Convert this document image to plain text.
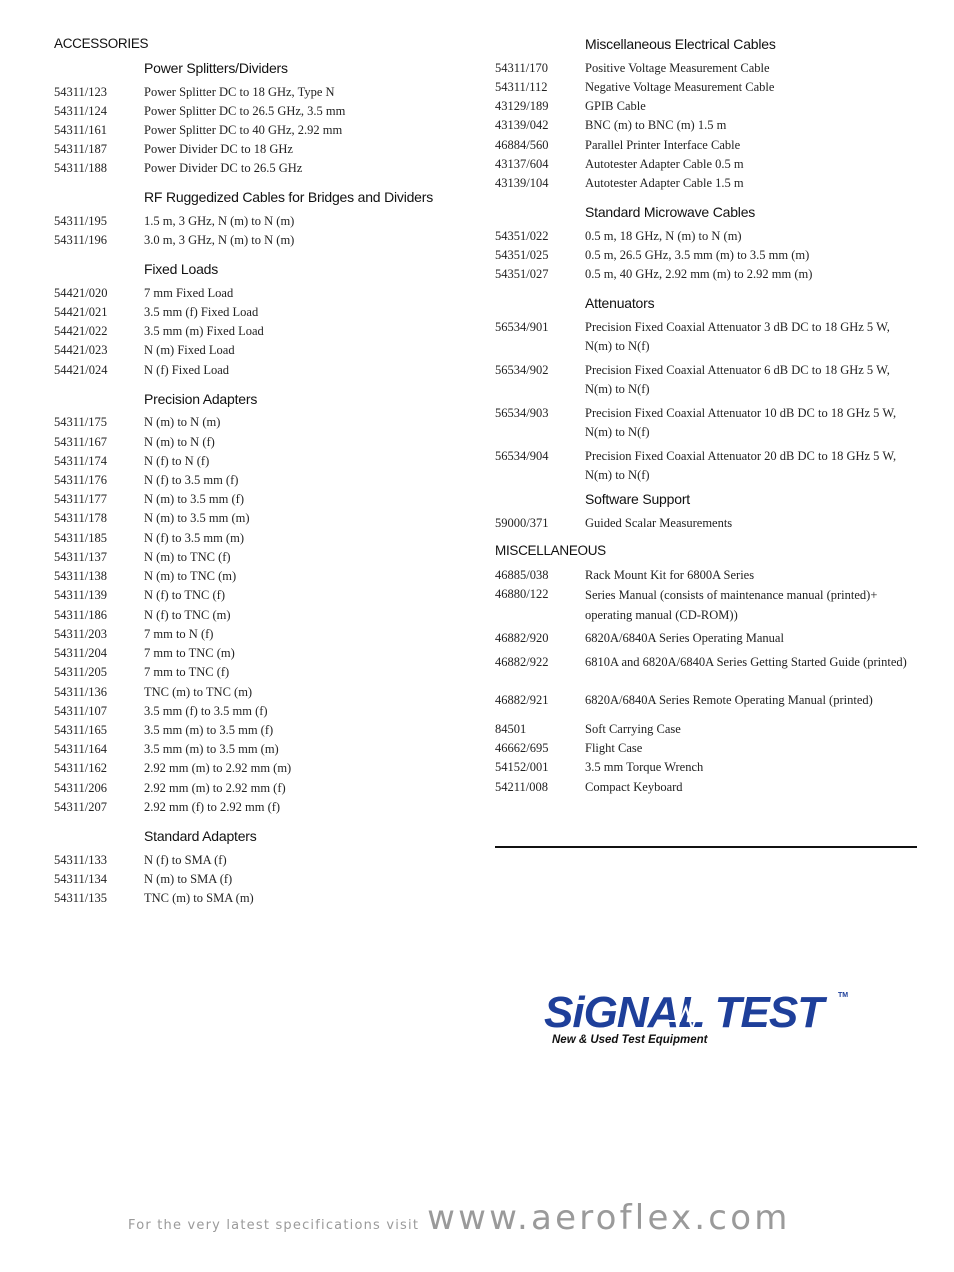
ACCESSORIES
Power Splitters/Dividers
54311/123	Power Splitter DC to 18 GHz, Type N
54311/124	Power Splitter DC to 26.5 GHz, 3.5 mm
54311/161	Power Splitter DC to 40 GHz, 2.92 mm
54311/187	Power Divider DC to 18 GHz
54311/188	Power Divider DC to 26.5 GHz
RF Ruggedized Cables for Bridges and Dividers
54311/195	1.5 m, 3 GHz, N (m) to N (m)
54311/196	3.0 m, 3 GHz, N (m) to N (m)
Fixed Loads
54421/020	7 mm Fixed Load
54421/021	3.5 mm (f) Fixed Load
54421/022	3.5 mm (m) Fixed Load
54421/023	N (m) Fixed Load
54421/024	N (f) Fixed Load
Precision Adapters
54311/175	N (m) to N (m)
54311/167	N (m) to N (f)
54311/174	N (f) to N (f)
54311/176	N (f) to 3.5 mm (f)
54311/177	N (m) to 3.5 mm (f)
54311/178	N (m) to 3.5 mm (m)
54311/185	N (f) to 3.5 mm (m)
54311/137	N (m) to TNC (f)
54311/138	N (m) to TNC (m)
54311/139	N (f) to TNC (f)
54311/186	N (f) to TNC (m)
54311/203	7 mm to N (f)
54311/204	7 mm to TNC (m)
54311/205	7 mm to TNC (f)
54311/136	TNC (m) to TNC (m)
54311/107	3.5 mm (f) to 3.5 mm (f)
54311/165	3.5 mm (m) to 3.5 mm (f)
54311/164	3.5 mm (m) to 3.5 mm (m)
54311/162	2.92 mm (m) to 2.92 mm (m)
54311/206	2.92 mm (m) to 2.92 mm (f)
54311/207	2.92 mm (f) to 2.92 mm (f)
Standard Adapters
54311/133	N (f) to SMA (f)
54311/134	N (m) to SMA (f)
54311/135	TNC (m) to SMA (m)
Miscellaneous Electrical Cables
54311/170	Positive Voltage Measurement Cable
54311/112	Negative Voltage Measurement Cable
43129/189	GPIB Cable
43139/042	BNC (m) to BNC (m) 1.5 m
46884/560	Parallel Printer Interface Cable
43137/604	Autotester Adapter Cable 0.5 m
43139/104	Autotester Adapter Cable 1.5 m
Standard Microwave Cables
54351/022	0.5 m, 18 GHz, N (m) to N (m)
54351/025	0.5 m, 26.5 GHz, 3.5 mm (m) to 3.5 mm (m)
54351/027	0.5 m, 40 GHz, 2.92 mm (m) to 2.92 mm (m)
Attenuators
56534/901	Precision Fixed Coaxial Attenuator 3 dB DC to 18 GHz 5 W, N(m) to N(f)
56534/902	Precision Fixed Coaxial Attenuator 6 dB DC to 18 GHz 5 W, N(m) to N(f)
56534/903	Precision Fixed Coaxial Attenuator 10 dB DC to 18 GHz 5 W, N(m) to N(f)
56534/904	Precision Fixed Coaxial Attenuator 20 dB DC to 18 GHz 5 W, N(m) to N(f)
Software Support
59000/371	Guided Scalar Measurements
MISCELLANEOUS
46885/038	Rack Mount Kit for 6800A Series
46880/122	Series Manual (consists of maintenance manual (printed)+ operating manual (CD-ROM))
46882/920	6820A/6840A Series Operating Manual
46882/922	6810A and 6820A/6840A Series Getting Started Guide (printed)
46882/921	6820A/6840A Series Remote Operating Manual (printed)
84501	Soft Carrying Case
46662/695	Flight Case
54152/001	3.5 mm Torque Wrench
54211/008	Compact Keyboard
SiGNAL TEST	TM
New & Used Test Equipment
For the very latest specifications visit www.aeroflex.com
